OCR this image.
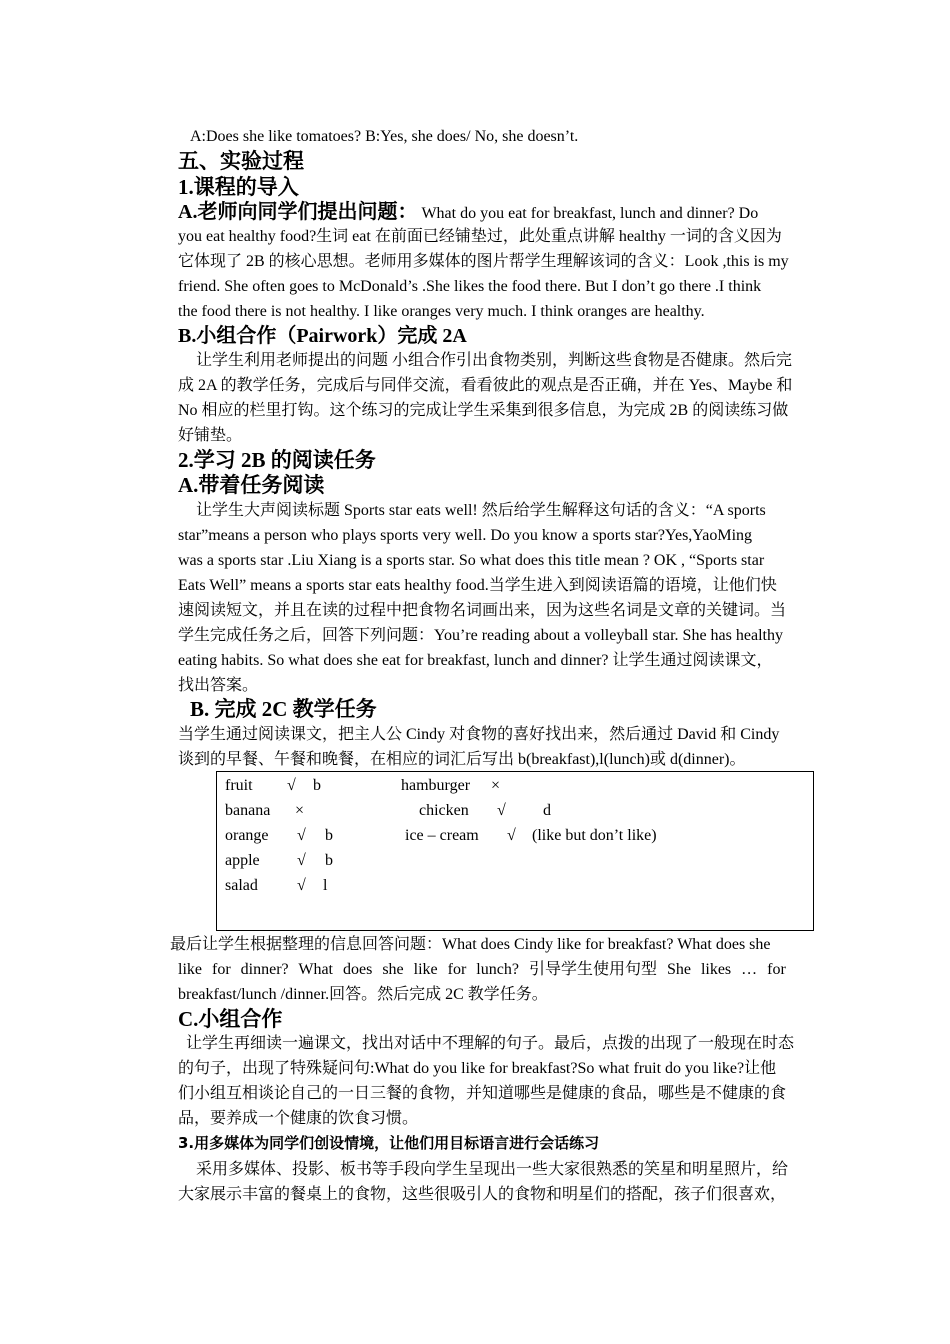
A:Does she like tomatoes? B:Yes, she does/ No, she doesn’t.
五、实验过程
1.课程的导入
A.老师向同学们提出问题： What do you eat for breakfast, lunch and dinner? Do
you eat healthy food?生词 eat 在前面已经铺垫过，此处重点讲解 healthy 一词的含义因为
它体现了 2B 的核心思想。老师用多媒体的图片帮学生理解该词的含义：Look ,this is my
friend. She often goes to McDonald’s .She likes the food there. But I don’t go there .I think
the food there is not healthy. I like oranges very much. I think oranges are healthy.
B.小组合作（Pairwork）完成 2A
让学生利用老师提出的问题 小组合作引出食物类别，判断这些食物是否健康。然后完
成 2A 的教学任务，完成后与同伴交流，看看彼此的观点是否正确，并在 Yes、Maybe 和
No 相应的栏里打钩。这个练习的完成让学生采集到很多信息，为完成 2B 的阅读练习做
好铺垫。
2.学习 2B 的阅读任务
A.带着任务阅读
让学生大声阅读标题 Sports star eats well! 然后给学生解释这句话的含义：“A sports
star”means a person who plays sports very well. Do you know a sports star?Yes,YaoMing
was a sports star .Liu Xiang is a sports star. So what does this title mean ? OK , “Sports star
Eats Well” means a sports star eats healthy food.当学生进入到阅读语篇的语境，让他们快
速阅读短文，并且在读的过程中把食物名词画出来，因为这些名词是文章的关键词。当
学生完成任务之后，回答下列问题：You’re reading about a volleyball star. She has healthy
eating habits. So what does she eat for breakfast, lunch and dinner? 让学生通过阅读课文，
找出答案。
B. 完成 2C 教学任务
当学生通过阅读课文，把主人公 Cindy 对食物的喜好找出来，然后通过 David 和 Cindy
谈到的早餐、午餐和晚餐，在相应的词汇后写出 b(breakfast),l(lunch)或 d(dinner)。
fruit √ b
banana ×
orange √ b
apple √ b
salad √ l
hamburger ×
chicken √ d
ice – cream √ (like but don’t like)
最后让学生根据整理的信息回答问题：What does Cindy like for breakfast? What does she
like for dinner? What does she like for lunch? 引导学生使用句型 She likes … for
breakfast/lunch /dinner.回答。然后完成 2C 教学任务。
C.小组合作
让学生再细读一遍课文，找出对话中不理解的句子。最后，点拨的出现了一般现在时态
的句子，出现了特殊疑问句:What do you like for breakfast?So what fruit do you like?让他
们小组互相谈论自己的一日三餐的食物，并知道哪些是健康的食品，哪些是不健康的食
品，要养成一个健康的饮食习惯。
3.用多媒体为同学们创设情境，让他们用目标语言进行会话练习
采用多媒体、投影、板书等手段向学生呈现出一些大家很熟悉的笑星和明星照片，给
大家展示丰富的餐桌上的食物，这些很吸引人的食物和明星们的搭配，孩子们很喜欢，
